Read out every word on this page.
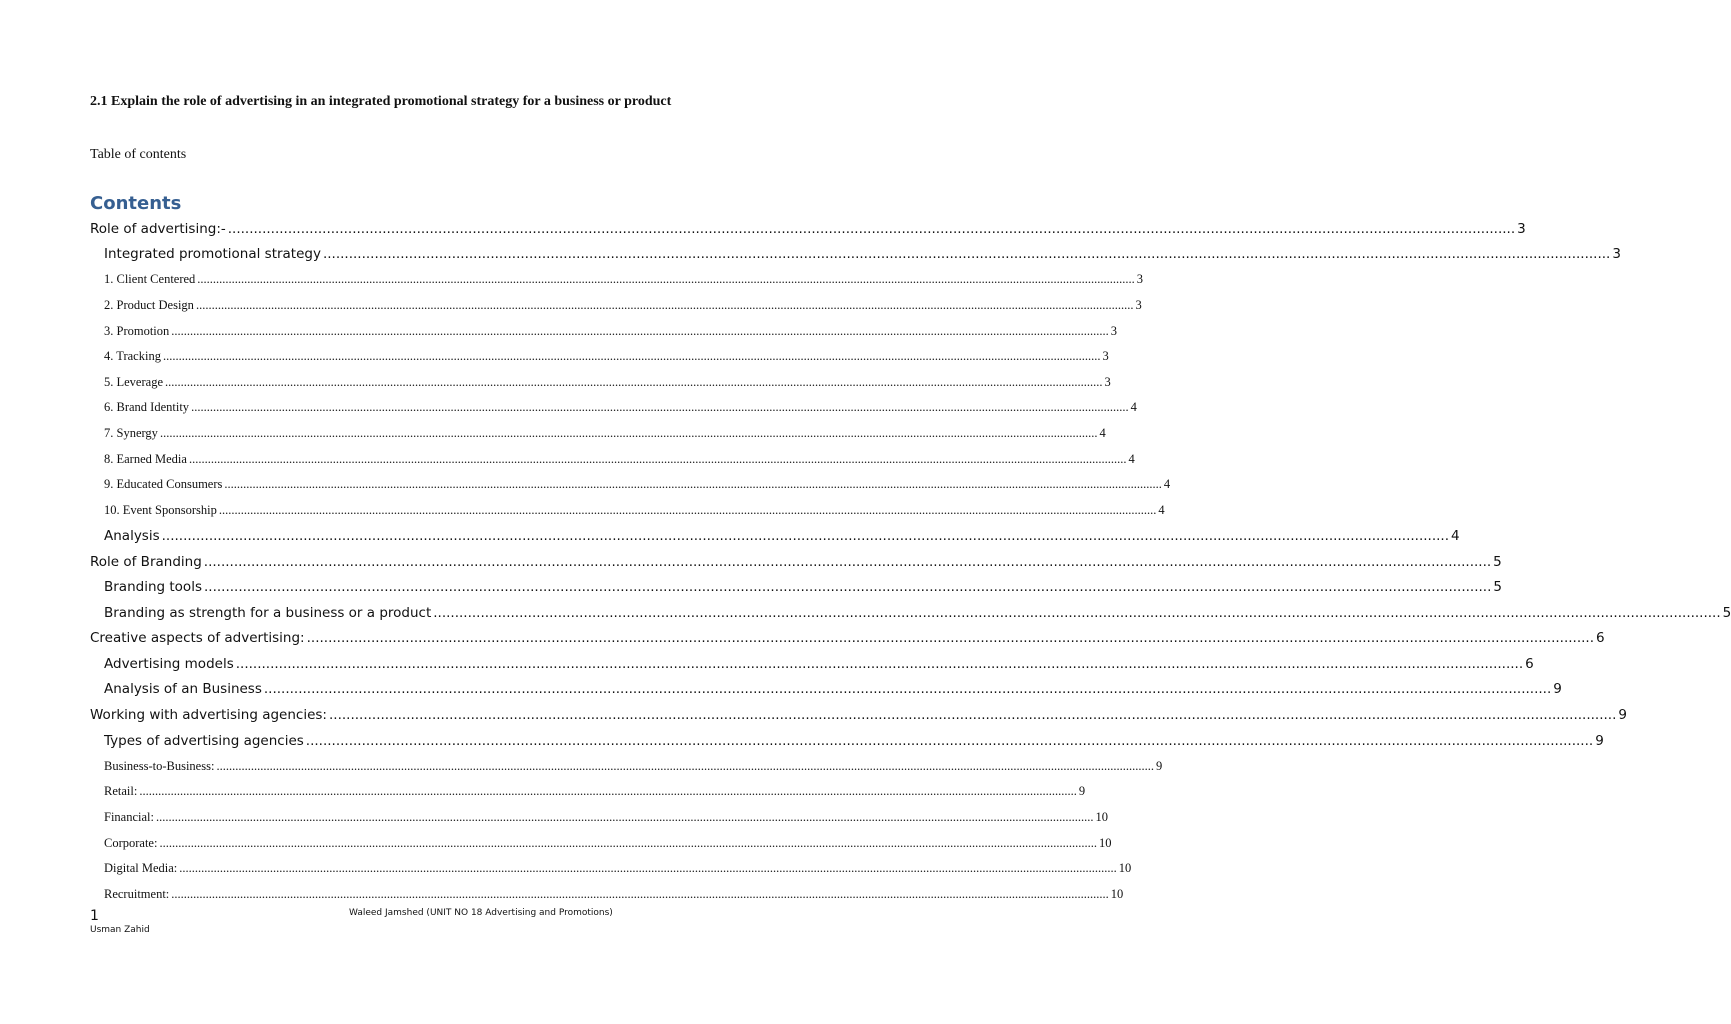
2.1 Explain the role of advertising in an integrated promotional strategy for a business or product
Table of contents
Contents
Role of advertising:- ............................................................................................................................................................................................................................................................................................................ 3
Integrated promotional strategy ............................................................................................................................................................................................................................................................................................................ 3
1. Client Centered ............................................................................................................................................................................................................................................................................................................ 3
2. Product Design ............................................................................................................................................................................................................................................................................................................ 3
3. Promotion ............................................................................................................................................................................................................................................................................................................ 3
4. Tracking ............................................................................................................................................................................................................................................................................................................ 3
5. Leverage ............................................................................................................................................................................................................................................................................................................ 3
6. Brand Identity ............................................................................................................................................................................................................................................................................................................ 4
7. Synergy ............................................................................................................................................................................................................................................................................................................ 4
8. Earned Media ............................................................................................................................................................................................................................................................................................................ 4
9. Educated Consumers ............................................................................................................................................................................................................................................................................................................ 4
10. Event Sponsorship ............................................................................................................................................................................................................................................................................................................ 4
Analysis ............................................................................................................................................................................................................................................................................................................ 4
Role of Branding ............................................................................................................................................................................................................................................................................................................ 5
Branding tools ............................................................................................................................................................................................................................................................................................................ 5
Branding as strength for a business or a product ............................................................................................................................................................................................................................................................................................................ 5
Creative aspects of advertising: ............................................................................................................................................................................................................................................................................................................ 6
Advertising models ............................................................................................................................................................................................................................................................................................................ 6
Analysis of an Business ............................................................................................................................................................................................................................................................................................................ 9
Working with advertising agencies: ............................................................................................................................................................................................................................................................................................................ 9
Types of advertising agencies ............................................................................................................................................................................................................................................................................................................ 9
Business-to-Business: ............................................................................................................................................................................................................................................................................................................ 9
Retail: ............................................................................................................................................................................................................................................................................................................ 9
Financial: ............................................................................................................................................................................................................................................................................................................ 10
Corporate: ............................................................................................................................................................................................................................................................................................................ 10
Digital Media: ............................................................................................................................................................................................................................................................................................................ 10
Recruitment: ............................................................................................................................................................................................................................................................................................................ 10
1
Usman Zahid
Waleed Jamshed (UNIT NO 18 Advertising and Promotions)
